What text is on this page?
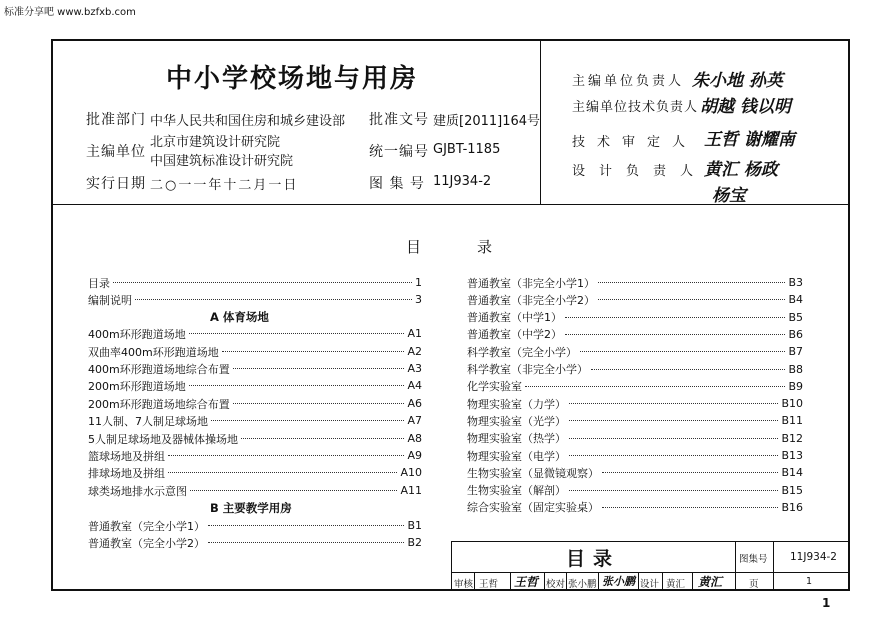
标准分享吧 www.bzfxb.com
中小学校场地与用房
批准部门 中华人民共和国住房和城乡建设部 批准文号 建质[2011]164号
主编单位
北京市建筑设计研究院
中国建筑标准设计研究院
统一编号 GJBT-1185
实行日期 二○一一年十二月一日	图 集 号 11J934-2
主编单位负责人 朱小地 孙英
主编单位技术负责人 胡越 钱以明
技术审定人 王哲 谢耀南
设计负责人
黄汇 杨政
杨宝
目录
目录	1
编制说明	3
A 体育场地
400m环形跑道场地	A1
双曲率400m环形跑道场地	A2
400m环形跑道场地综合布置	A3
200m环形跑道场地	A4
200m环形跑道场地综合布置	A6
11人制、7人制足球场地	A7
5人制足球场地及器械体操场地	A8
篮球场地及拼组	A9
排球场地及拼组	A10
球类场地排水示意图	A11
B 主要教学用房
普通教室（完全小学1）	B1
普通教室（完全小学2）	B2
普通教室（非完全小学1）	B3
普通教室（非完全小学2）	B4
普通教室（中学1）	B5
普通教室（中学2）	B6
科学教室（完全小学）	B7
科学教室（非完全小学）	B8
化学实验室	B9
物理实验室（力学）	B10
物理实验室（光学）	B11
物理实验室（热学）	B12
物理实验室（电学）	B13
生物实验室（显微镜观察）	B14
生物实验室（解剖）	B15
综合实验室（固定实验桌）	B16
目录	图集号 11J934-2
审核 王哲 王哲 校对 张小鹏 张小鹏 设计 黄汇 黄汇	页	1
1
